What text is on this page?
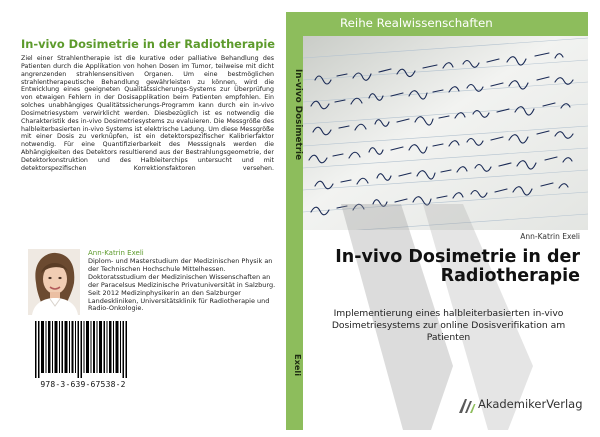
In-vivo Dosimetrie in der Radiotherapie
Ziel einer Strahlentherapie ist die kurative oder palliative Behandlung des Patienten durch die Applikation von hohen Dosen im Tumor, teilweise mit dicht angrenzenden strahlensensitiven Organen. Um eine bestmöglichen strahlentherapeutische Behandlung gewährleisten zu können, wird die Entwicklung eines geeigneten Qualitätssicherungs-Systems zur Überprüfung von etwaigen Fehlern in der Dosisapplikation beim Patienten empfohlen. Ein solches unabhängiges Qualitätssicherungs-Programm kann durch ein in-vivo Dosimetriesystem verwirklicht werden. Diesbezüglich ist es notwendig die Charakteristik des in-vivo Dosimetriesystems zu evaluieren. Die Messgröße des halbleiterbasierten in-vivo Systems ist elektrische Ladung. Um diese Messgröße mit einer Dosis zu verknüpfen, ist ein detektorspezifischer Kalibrierfaktor notwendig. Für eine Quantifizierbarkeit des Messsignals werden die Abhängigkeiten des Detektors resultierend aus der Bestrahlungsgeometrie, der Detektorkonstruktion und des Halbleiterchips untersucht und mit detektorspezifischen Korrektionsfaktoren versehen.
Ann-Katrin Exeli
Diplom- und Masterstudium der Medizinischen Physik an der Technischen Hochschule Mittelhessen. Doktoratsstudium der Medizinischen Wissenschaften an der Paracelsus Medizinische Privatuniversität in Salzburg. Seit 2012 Medizinphysikerin an den Salzburger Landeskliniken, Universitätsklinik für Radiotherapie und Radio-Onkologie.
978-3-639-67538-2
In-vivo Dosimetrie
Exeli
Reihe Realwissenschaften
Ann-Katrin Exeli
In-vivo Dosimetrie in der Radiotherapie
Implementierung eines halbleiterbasierten in-vivo Dosimetriesystems zur online Dosisverifikation am Patienten
AkademikerVerlag
